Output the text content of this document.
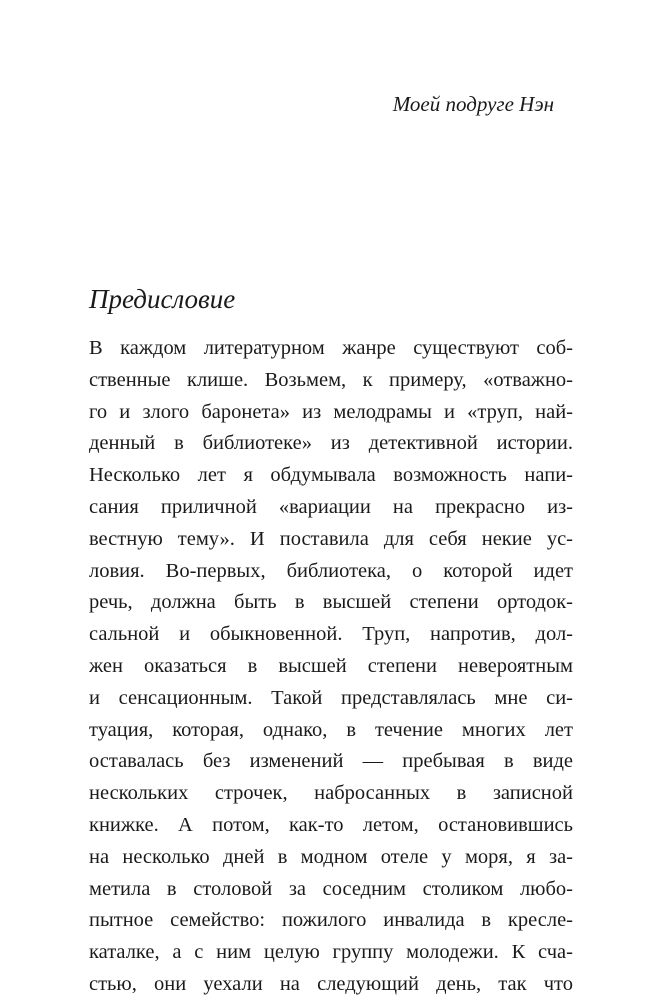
Моей подруге Нэн
Предисловие
В каждом литературном жанре существуют соб-
ственные клише. Возьмем, к примеру, «отважно-
го и злого баронета» из мелодрамы и «труп, най-
денный в библиотеке» из детективной истории.
Несколько лет я обдумывала возможность напи-
сания приличной «вариации на прекрасно из-
вестную тему». И поставила для себя некие ус-
ловия. Во-первых, библиотека, о которой идет
речь, должна быть в высшей степени ортодок-
сальной и обыкновенной. Труп, напротив, дол-
жен оказаться в высшей степени невероятным
и сенсационным. Такой представлялась мне си-
туация, которая, однако, в течение многих лет
оставалась без изменений — пребывая в виде
нескольких строчек, набросанных в записной
книжке. А потом, как-то летом, остановившись
на несколько дней в модном отеле у моря, я за-
метила в столовой за соседним столиком любо-
пытное семейство: пожилого инвалида в кресле-
каталке, а с ним целую группу молодежи. К сча-
стью, они уехали на следующий день, так что
